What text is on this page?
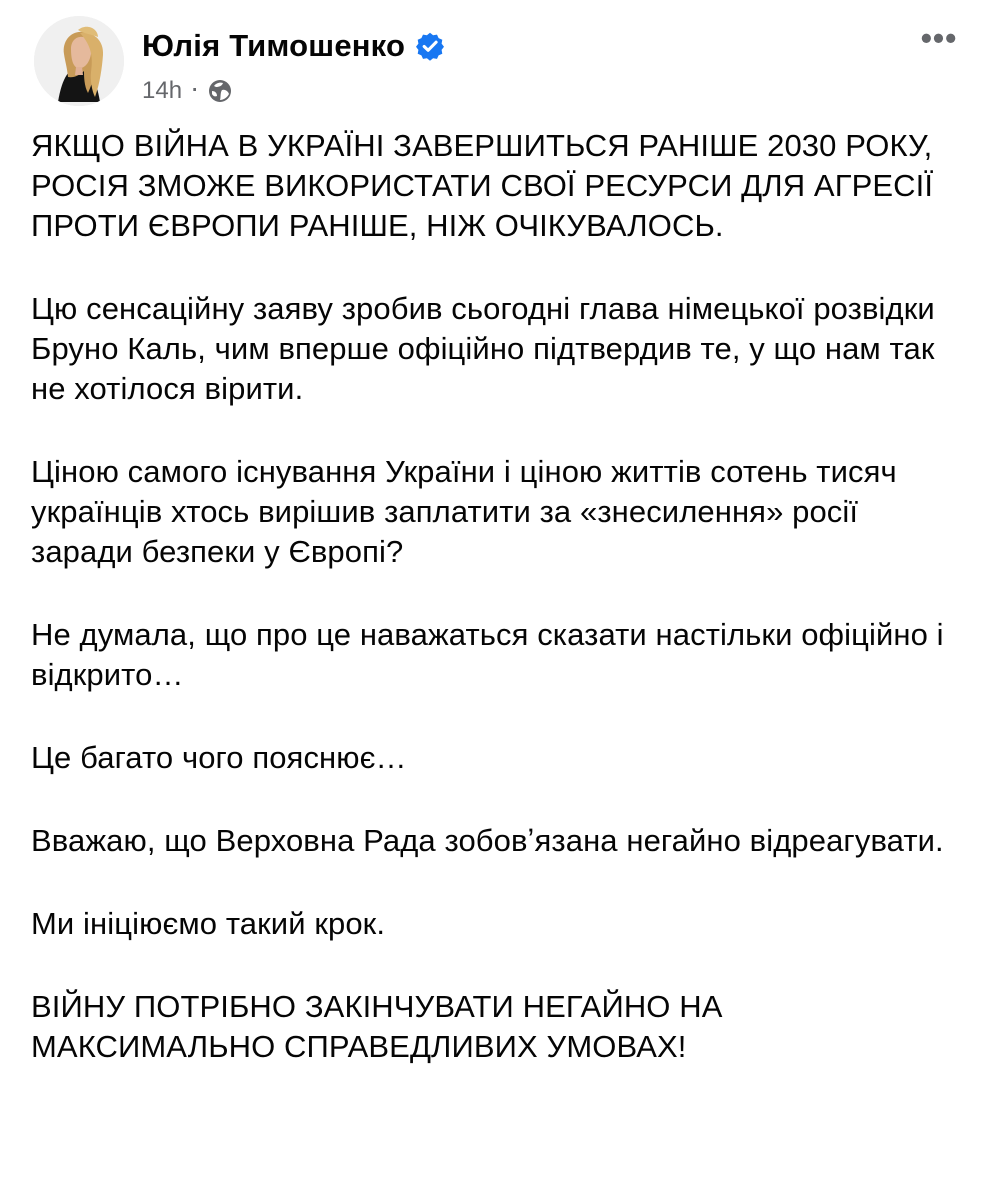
Юлія Тимошенко
14h ·
•••

ЯКЩО ВІЙНА В УКРАЇНІ ЗАВЕРШИТЬСЯ РАНІШЕ 2030 РОКУ, РОСІЯ ЗМОЖЕ ВИКОРИСТАТИ СВОЇ РЕСУРСИ ДЛЯ АГРЕСІЇ ПРОТИ ЄВРОПИ РАНІШЕ, НІЖ ОЧІКУВАЛОСЬ.

Цю сенсаційну заяву зробив сьогодні глава німецької розвідки Бруно Каль, чим вперше офіційно підтвердив те, у що нам так не хотілося вірити.

Ціною самого існування України і ціною життів сотень тисяч українців хтось вирішив заплатити за «знесилення» росії заради безпеки у Європі?

Не думала, що про це наважаться сказати настільки офіційно і відкрито…

Це багато чого пояснює…

Вважаю, що Верховна Рада зобовʼязана негайно відреагувати.

Ми ініціюємо такий крок.

ВІЙНУ ПОТРІБНО ЗАКІНЧУВАТИ НЕГАЙНО НА МАКСИМАЛЬНО СПРАВЕДЛИВИХ УМОВАХ!
